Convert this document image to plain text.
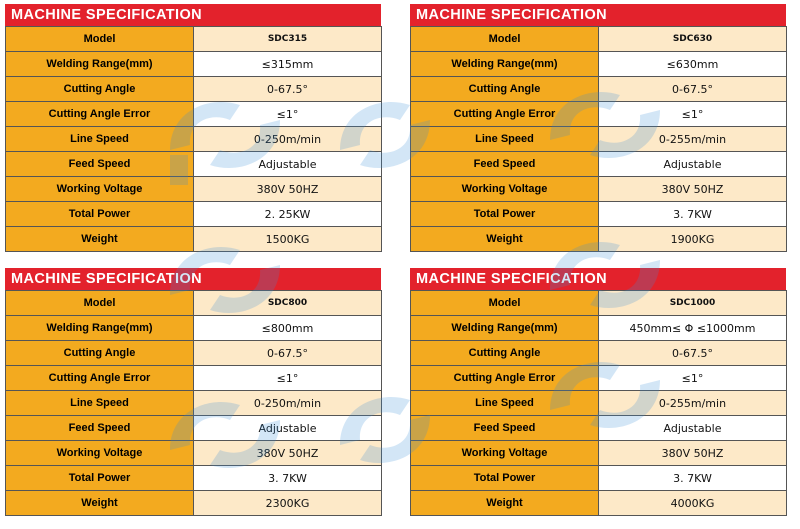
MACHINE SPECIFICATION
Model	SDC315
Welding Range(mm)	≤315mm
Cutting Angle	0-67.5°
Cutting Angle Error	≤1°
Line Speed	0-250m/min
Feed Speed	Adjustable
Working Voltage	380V 50HZ
Total Power	2. 25KW
Weight	1500KG
MACHINE SPECIFICATION
Model	SDC630
Welding Range(mm)	≤630mm
Cutting Angle	0-67.5°
Cutting Angle Error	≤1°
Line Speed	0-255m/min
Feed Speed	Adjustable
Working Voltage	380V 50HZ
Total Power	3. 7KW
Weight	1900KG
MACHINE SPECIFICATION
Model	SDC800
Welding Range(mm)	≤800mm
Cutting Angle	0-67.5°
Cutting Angle Error	≤1°
Line Speed	0-250m/min
Feed Speed	Adjustable
Working Voltage	380V 50HZ
Total Power	3. 7KW
Weight	2300KG
MACHINE SPECIFICATION
Model	SDC1000
Welding Range(mm)	450mm≤ Φ ≤1000mm
Cutting Angle	0-67.5°
Cutting Angle Error	≤1°
Line Speed	0-255m/min
Feed Speed	Adjustable
Working Voltage	380V 50HZ
Total Power	3. 7KW
Weight	4000KG
